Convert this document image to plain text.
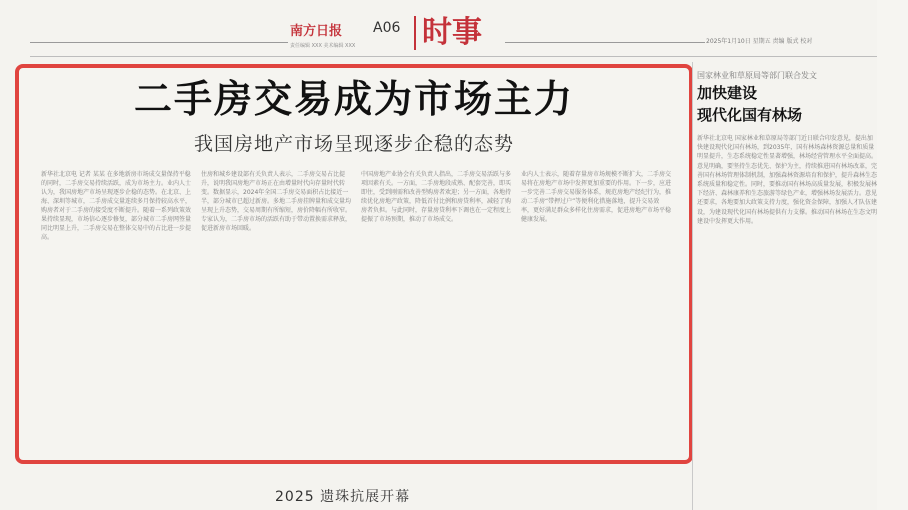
南方日报 A06
责任编辑 XXX 美术编辑 XXX 时事	2025年1月10日 星期五 责编 版式 校对
二手房交易成为市场主力
我国房地产市场呈现逐步企稳的态势

新华社北京电 记者 某某 在多地新房市场成交量保持平稳的同时，二手房交易持续活跃，成为市场主力。业内人士认为，我国房地产市场呈现逐步企稳的态势。在北京、上海、深圳等城市，二手房成交量连续多月保持较高水平，购房者对于二手房的接受度不断提升。随着一系列政策效果持续显现，市场信心逐步修复，部分城市二手房网签量同比明显上升，二手房交易在整体交易中的占比进一步提高。

住房和城乡建设部有关负责人表示，二手房交易占比提升，说明我国房地产市场正在由增量时代向存量时代转变。数据显示，2024年全国二手房交易面积占比接近一半，部分城市已超过新房。多地二手房挂牌量和成交量均呈现上升态势，交易周期有所缩短，房价降幅有所收窄。专家认为，二手房市场的活跃有助于带动置换需求释放，促进新房市场回暖。

中国房地产业协会有关负责人指出，二手房交易活跃与多项因素有关。一方面，二手房地段成熟、配套完善，即买即住，受到刚需和改善型购房者欢迎；另一方面，各地持续优化房地产政策，降低首付比例和房贷利率，减轻了购房者负担。与此同时，存量房贷利率下调也在一定程度上提振了市场预期，推动了市场成交。

业内人士表示，随着存量房市场规模不断扩大，二手房交易将在房地产市场中发挥更加重要的作用。下一步，应进一步完善二手房交易服务体系，规范房地产经纪行为，推动二手房“带押过户”等便利化措施落地，提升交易效率，更好满足群众多样化住房需求，促进房地产市场平稳健康发展。

国家林业和草原局等部门联合发文
加快建设
现代化国有林场
新华社北京电 国家林业和草原局等部门近日联合印发意见，提出加快建设现代化国有林场，到2035年，国有林场森林资源总量和质量明显提升，生态系统稳定性显著增强，林场经营管理水平全面提高。意见明确，要坚持生态优先、保护为主，持续推进国有林场改革，完善国有林场管理体制机制，加强森林资源培育和保护，提升森林生态系统质量和稳定性。同时，要推动国有林场高质量发展，积极发展林下经济、森林康养和生态旅游等绿色产业，增强林场发展活力。意见还要求，各地要加大政策支持力度，强化资金保障，加强人才队伍建设，为建设现代化国有林场提供有力支撑。推动国有林场在生态文明建设中发挥更大作用。
2025 遗珠抗展开幕
